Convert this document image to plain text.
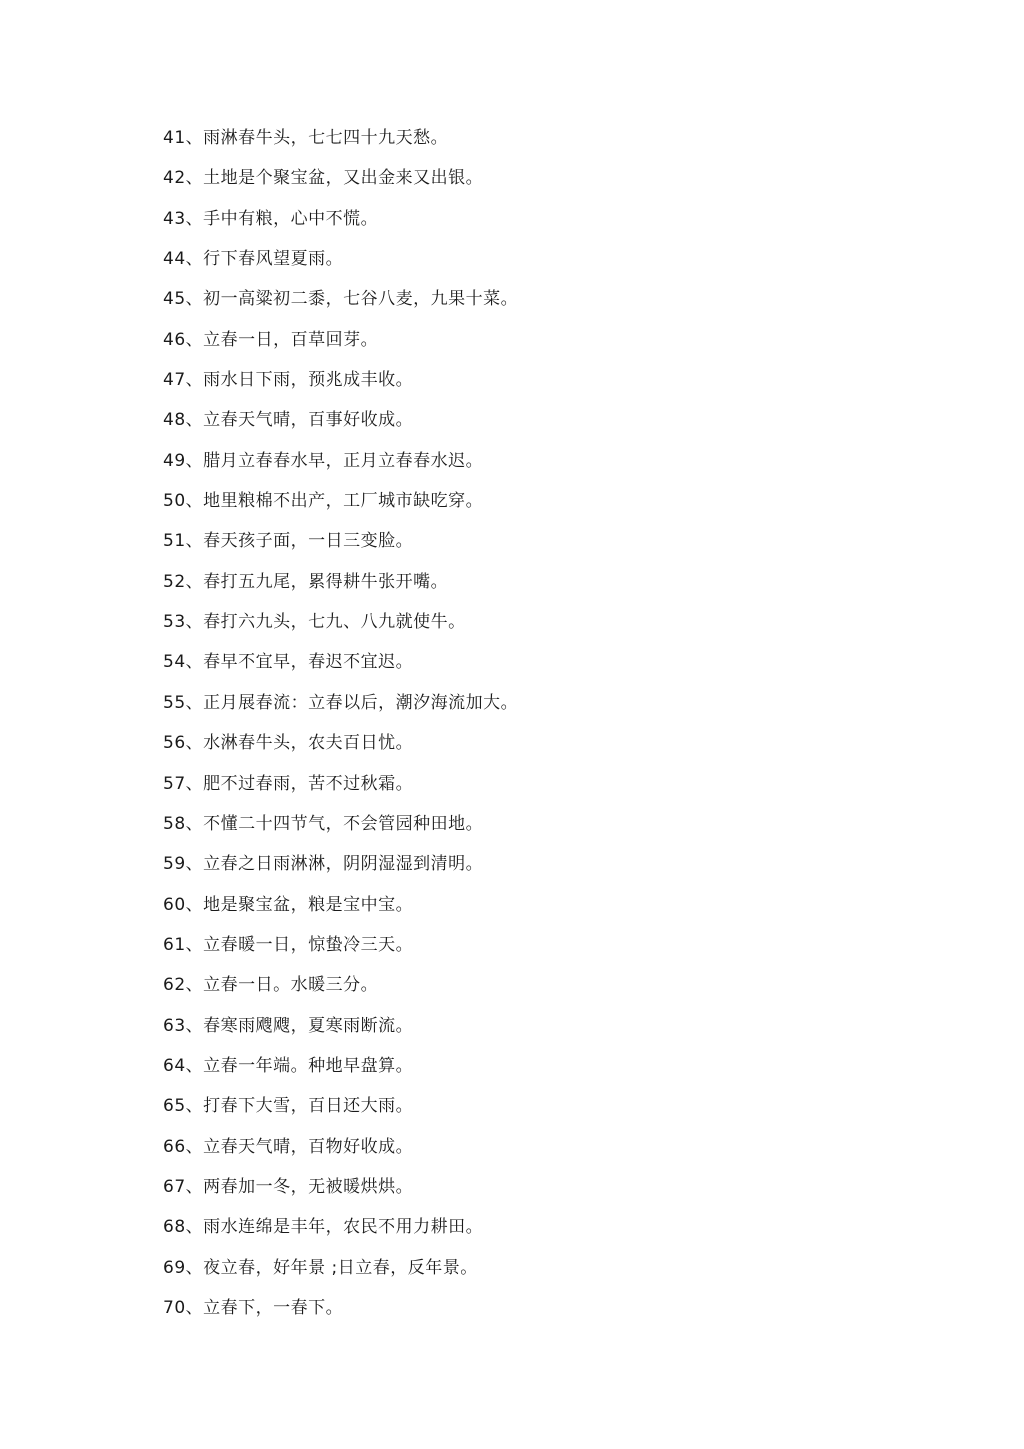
41、雨淋春牛头，七七四十九天愁。
42、土地是个聚宝盆，又出金来又出银。
43、手中有粮，心中不慌。
44、行下春风望夏雨。
45、初一高粱初二黍，七谷八麦，九果十菜。
46、立春一日，百草回芽。
47、雨水日下雨，预兆成丰收。
48、立春天气晴，百事好收成。
49、腊月立春春水早，正月立春春水迟。
50、地里粮棉不出产，工厂城市缺吃穿。
51、春天孩子面，一日三变脸。
52、春打五九尾，累得耕牛张开嘴。
53、春打六九头，七九、八九就使牛。
54、春早不宜早，春迟不宜迟。
55、正月展春流：立春以后，潮汐海流加大。
56、水淋春牛头，农夫百日忧。
57、肥不过春雨，苦不过秋霜。
58、不懂二十四节气，不会管园种田地。
59、立春之日雨淋淋，阴阴湿湿到清明。
60、地是聚宝盆，粮是宝中宝。
61、立春暖一日，惊蛰冷三天。
62、立春一日。水暖三分。
63、春寒雨飕飕，夏寒雨断流。
64、立春一年端。种地早盘算。
65、打春下大雪，百日还大雨。
66、立春天气晴，百物好收成。
67、两春加一冬，无被暖烘烘。
68、雨水连绵是丰年，农民不用力耕田。
69、夜立春，好年景 ;日立春，反年景。
70、立春下，一春下。
